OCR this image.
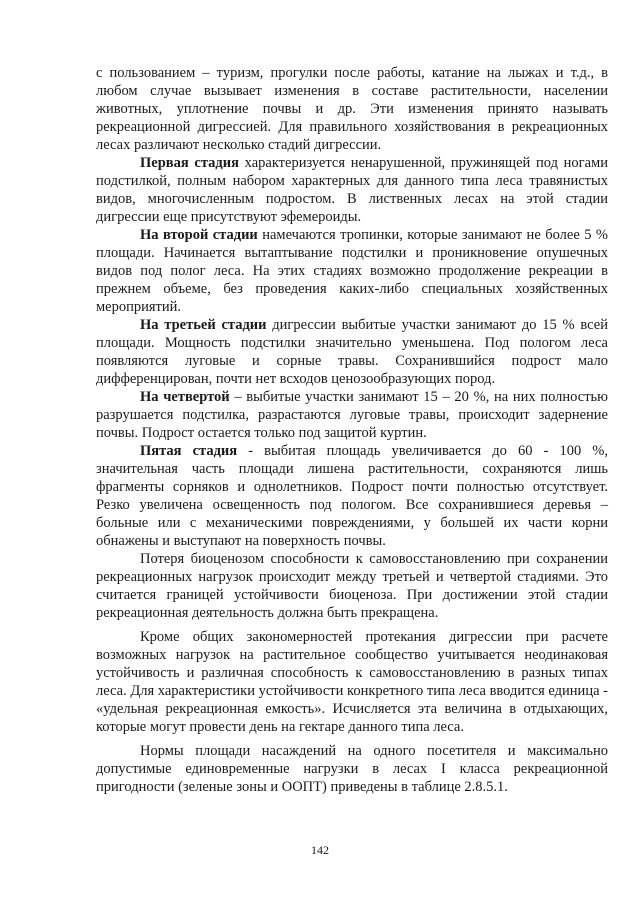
с пользованием – туризм, прогулки после работы, катание на лыжах и т.д., в любом случае вызывает изменения в составе растительности, населении животных, уплотнение почвы и др. Эти изменения принято называть рекреационной дигрессией. Для правильного хозяйствования в рекреационных лесах различают несколько стадий дигрессии.

Первая стадия характеризуется ненарушенной, пружинящей под ногами подстилкой, полным набором характерных для данного типа леса травянистых видов, многочисленным подростом. В лиственных лесах на этой стадии дигрессии еще присутствуют эфемероиды.

На второй стадии намечаются тропинки, которые занимают не более 5 % площади. Начинается вытаптывание подстилки и проникновение опушечных видов под полог леса. На этих стадиях возможно продолжение рекреации в прежнем объеме, без проведения каких-либо специальных хозяйственных мероприятий.

На третьей стадии дигрессии выбитые участки занимают до 15 % всей площади. Мощность подстилки значительно уменьшена. Под пологом леса появляются луговые и сорные травы. Сохранившийся подрост мало дифференцирован, почти нет всходов ценозообразующих пород.

На четвертой – выбитые участки занимают 15 – 20 %, на них полностью разрушается подстилка, разрастаются луговые травы, происходит задернение почвы. Подрост остается только под защитой куртин.

Пятая стадия - выбитая площадь увеличивается до 60 - 100 %, значительная часть площади лишена растительности, сохраняются лишь фрагменты сорняков и однолетников. Подрост почти полностью отсутствует. Резко увеличена освещенность под пологом. Все сохранившиеся деревья – больные или с механическими повреждениями, у большей их части корни обнажены и выступают на поверхность почвы.

Потеря биоценозом способности к самовосстановлению при сохранении рекреационных нагрузок происходит между третьей и четвертой стадиями. Это считается границей устойчивости биоценоза. При достижении этой стадии рекреационная деятельность должна быть прекращена.

Кроме общих закономерностей протекания дигрессии при расчете возможных нагрузок на растительное сообщество учитывается неодинаковая устойчивость и различная способность к самовосстановлению в разных типах леса. Для характеристики устойчивости конкретного типа леса вводится единица - «удельная рекреационная емкость». Исчисляется эта величина в отдыхающих, которые могут провести день на гектаре данного типа леса.

Нормы площади насаждений на одного посетителя и максимально допустимые единовременные нагрузки в лесах I класса рекреационной пригодности (зеленые зоны и ООПТ) приведены в таблице 2.8.5.1.

142
